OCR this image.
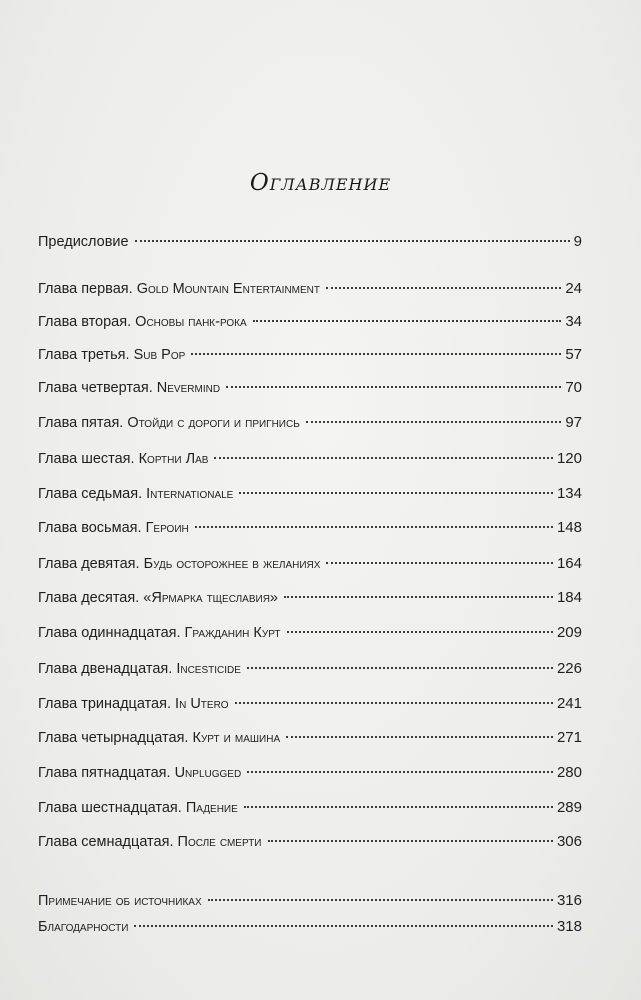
Оглавление
Предисловие	9
Глава первая. Gold Mountain Entertainment	24
Глава вторая. Основы панк-рока	34
Глава третья. Sub Pop	57
Глава четвертая. Nevermind	70
Глава пятая. Отойди с дороги и пригнись	97
Глава шестая. Кортни Лав	120
Глава седьмая. Internationale	134
Глава восьмая. Героин	148
Глава девятая. Будь осторожнее в желаниях	164
Глава десятая. «Ярмарка тщеславия»	184
Глава одиннадцатая. Гражданин Курт	209
Глава двенадцатая. Incesticide	226
Глава тринадцатая. In Utero	241
Глава четырнадцатая. Курт и машина	271
Глава пятнадцатая. Unplugged	280
Глава шестнадцатая. Падение	289
Глава семнадцатая. После смерти	306
Примечание об источниках	316
Благодарности	318
